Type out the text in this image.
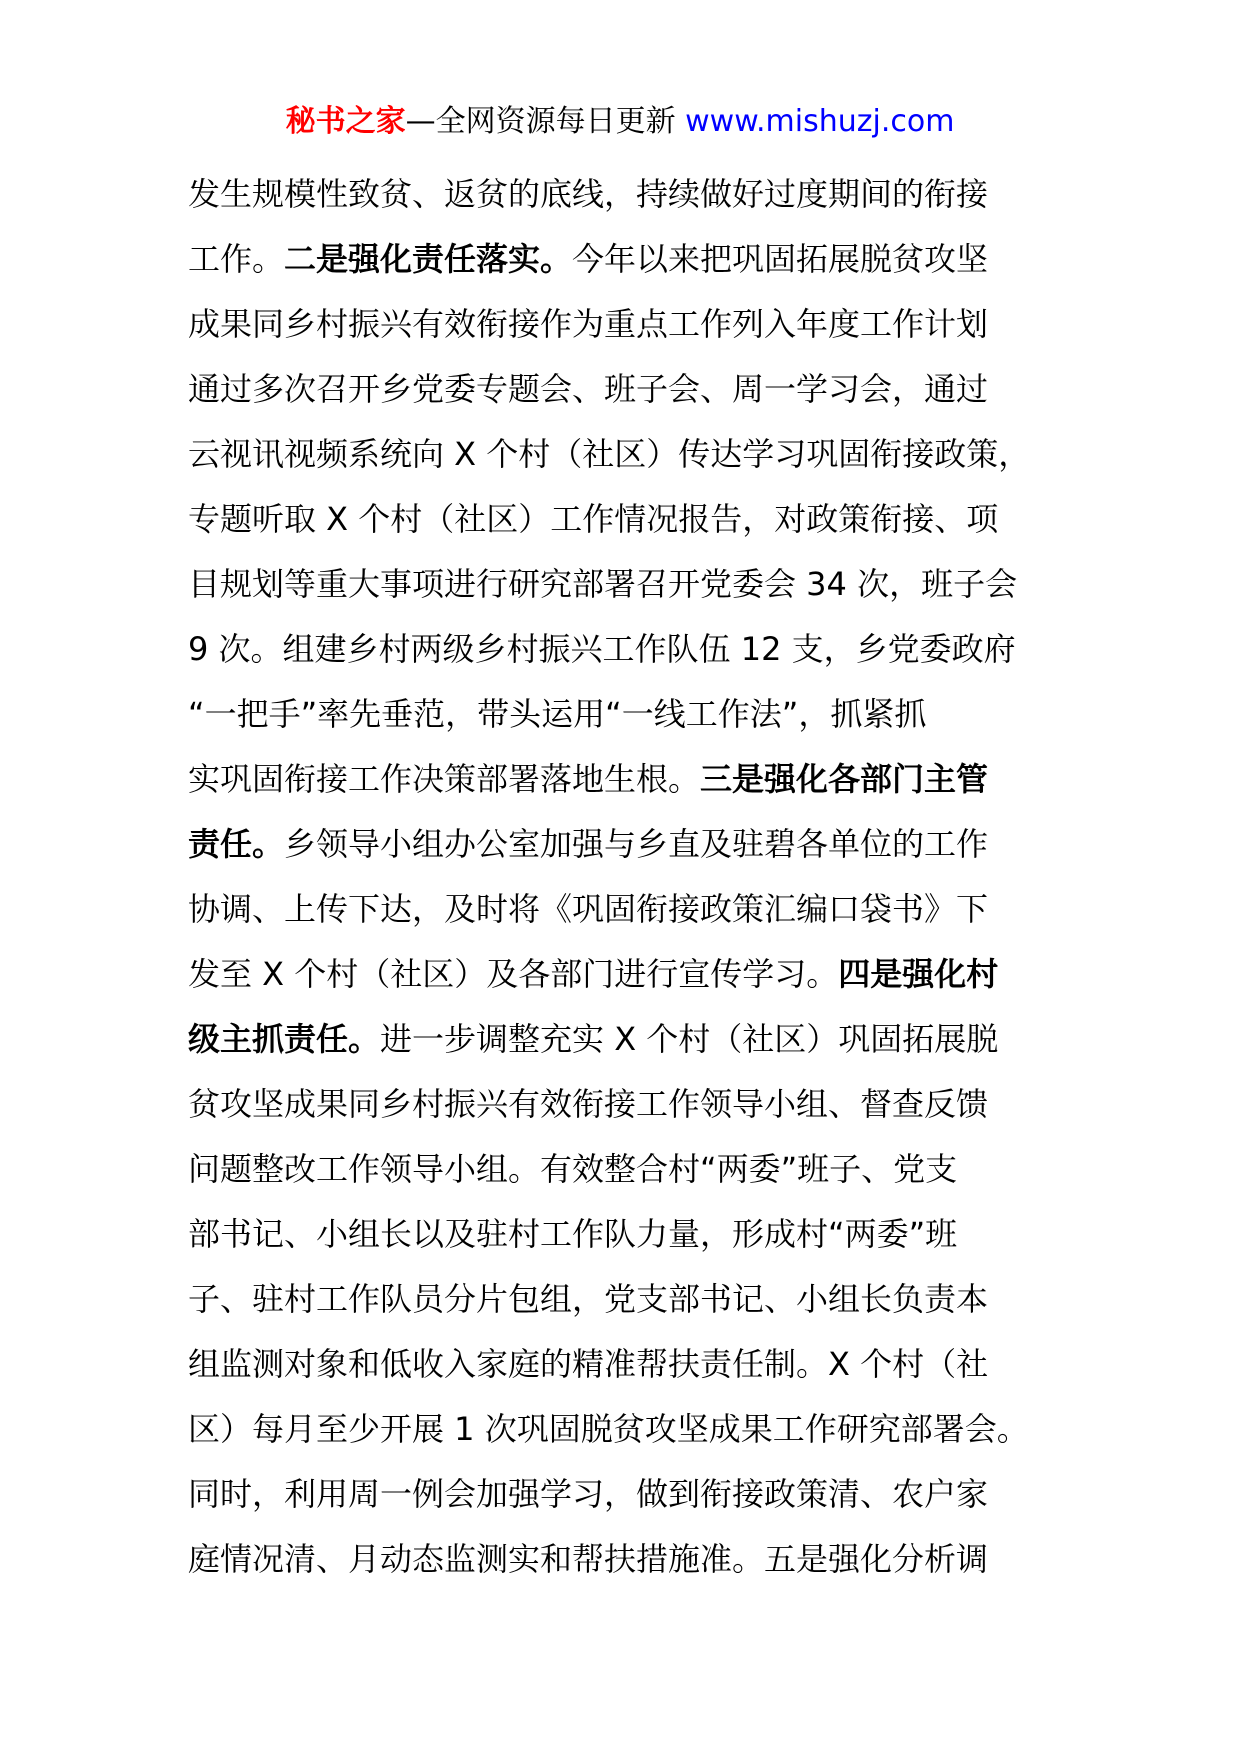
秘书之家—全网资源每日更新 www.mishuzj.com
发生规模性致贫、返贫的底线，持续做好过度期间的衔接
工作。二是强化责任落实。今年以来把巩固拓展脱贫攻坚
成果同乡村振兴有效衔接作为重点工作列入年度工作计划
通过多次召开乡党委专题会、班子会、周一学习会，通过
云视讯视频系统向 X 个村（社区）传达学习巩固衔接政策，
专题听取 X 个村（社区）工作情况报告，对政策衔接、项
目规划等重大事项进行研究部署召开党委会 34 次，班子会
9 次。组建乡村两级乡村振兴工作队伍 12 支，乡党委政府
“一把手”率先垂范，带头运用“一线工作法”，抓紧抓
实巩固衔接工作决策部署落地生根。三是强化各部门主管
责任。乡领导小组办公室加强与乡直及驻碧各单位的工作
协调、上传下达，及时将《巩固衔接政策汇编口袋书》下
发至 X 个村（社区）及各部门进行宣传学习。四是强化村
级主抓责任。进一步调整充实 X 个村（社区）巩固拓展脱
贫攻坚成果同乡村振兴有效衔接工作领导小组、督查反馈
问题整改工作领导小组。有效整合村“两委”班子、党支
部书记、小组长以及驻村工作队力量，形成村“两委”班
子、驻村工作队员分片包组，党支部书记、小组长负责本
组监测对象和低收入家庭的精准帮扶责任制。X 个村（社
区）每月至少开展 1 次巩固脱贫攻坚成果工作研究部署会。
同时，利用周一例会加强学习，做到衔接政策清、农户家
庭情况清、月动态监测实和帮扶措施准。五是强化分析调
